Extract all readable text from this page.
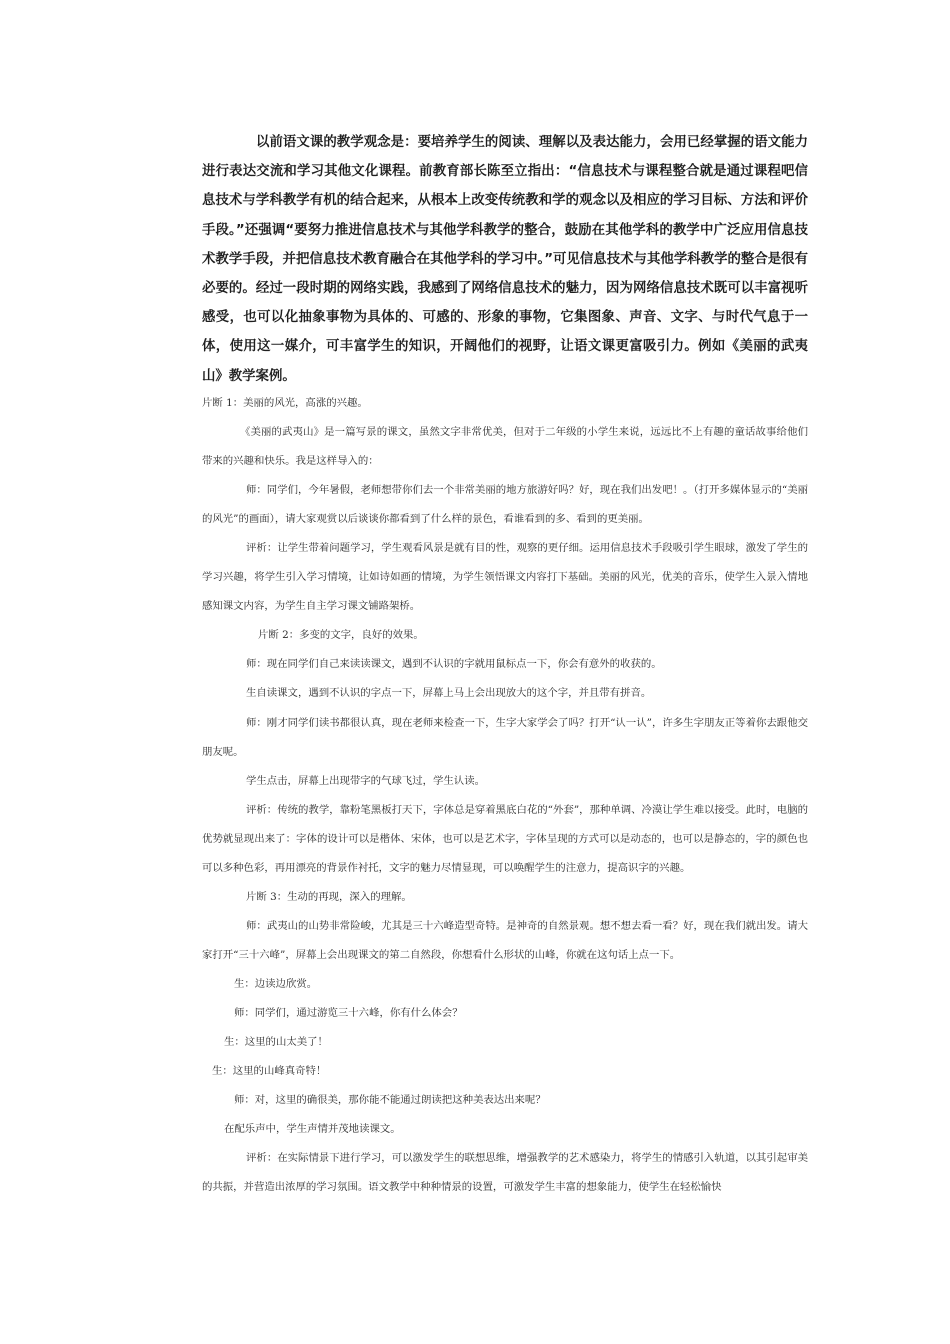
以前语文课的教学观念是：要培养学生的阅读、理解以及表达能力，会用已经掌握的语文能力进行表达交流和学习其他文化课程。前教育部长陈至立指出：“信息技术与课程整合就是通过课程吧信息技术与学科教学有机的结合起来，从根本上改变传统教和学的观念以及相应的学习目标、方法和评价手段。”还强调“要努力推进信息技术与其他学科教学的整合，鼓励在其他学科的教学中广泛应用信息技术教学手段，并把信息技术教育融合在其他学科的学习中。”可见信息技术与其他学科教学的整合是很有必要的。经过一段时期的网络实践，我感到了网络信息技术的魅力，因为网络信息技术既可以丰富视听感受，也可以化抽象事物为具体的、可感的、形象的事物，它集图象、声音、文字、与时代气息于一体，使用这一媒介，可丰富学生的知识，开阔他们的视野，让语文课更富吸引力。例如《美丽的武夷山》教学案例。

片断 1：美丽的风光，高涨的兴趣。

《美丽的武夷山》是一篇写景的课文，虽然文字非常优美，但对于二年级的小学生来说，远远比不上有趣的童话故事给他们带来的兴趣和快乐。我是这样导入的：

师：同学们，今年暑假，老师想带你们去一个非常美丽的地方旅游好吗？好，现在我们出发吧！。（打开多媒体显示的“美丽的风光”的画面），请大家观赏以后谈谈你都看到了什么样的景色，看谁看到的多、看到的更美丽。

评析：让学生带着问题学习，学生观看风景是就有目的性，观察的更仔细。运用信息技术手段吸引学生眼球，激发了学生的学习兴趣，将学生引入学习情境，让如诗如画的情境，为学生领悟课文内容打下基础。美丽的风光，优美的音乐，使学生入景入情地感知课文内容，为学生自主学习课文铺路架桥。

片断 2：多变的文字，良好的效果。

师：现在同学们自己来读读课文，遇到不认识的字就用鼠标点一下，你会有意外的收获的。

生自读课文，遇到不认识的字点一下，屏幕上马上会出现放大的这个字，并且带有拼音。

师：刚才同学们读书都很认真，现在老师来检查一下，生字大家学会了吗？打开“认一认”，许多生字朋友正等着你去跟他交朋友呢。

学生点击，屏幕上出现带字的气球飞过，学生认读。

评析：传统的教学，靠粉笔黑板打天下，字体总是穿着黑底白花的“外套”，那种单调、冷漠让学生难以接受。此时，电脑的优势就显现出来了：字体的设计可以是楷体、宋体，也可以是艺术字，字体呈现的方式可以是动态的，也可以是静态的，字的颜色也可以多种色彩，再用漂亮的背景作衬托，文字的魅力尽情显现，可以唤醒学生的注意力，提高识字的兴趣。

片断 3：生动的再现，深入的理解。

师：武夷山的山势非常险峻，尤其是三十六峰造型奇特。是神奇的自然景观。想不想去看一看？好，现在我们就出发。请大家打开“三十六峰”，屏幕上会出现课文的第二自然段，你想看什么形状的山峰，你就在这句话上点一下。

生：边读边欣赏。

师：同学们，通过游览三十六峰，你有什么体会？

生：这里的山太美了！

生：这里的山峰真奇特！

师：对，这里的确很美，那你能不能通过朗读把这种美表达出来呢？

在配乐声中，学生声情并茂地读课文。

评析：在实际情景下进行学习，可以激发学生的联想思维，增强教学的艺术感染力，将学生的情感引入轨道，以其引起审美的共振，并营造出浓厚的学习氛围。语文教学中种种情景的设置，可激发学生丰富的想象能力，使学生在轻松愉快
